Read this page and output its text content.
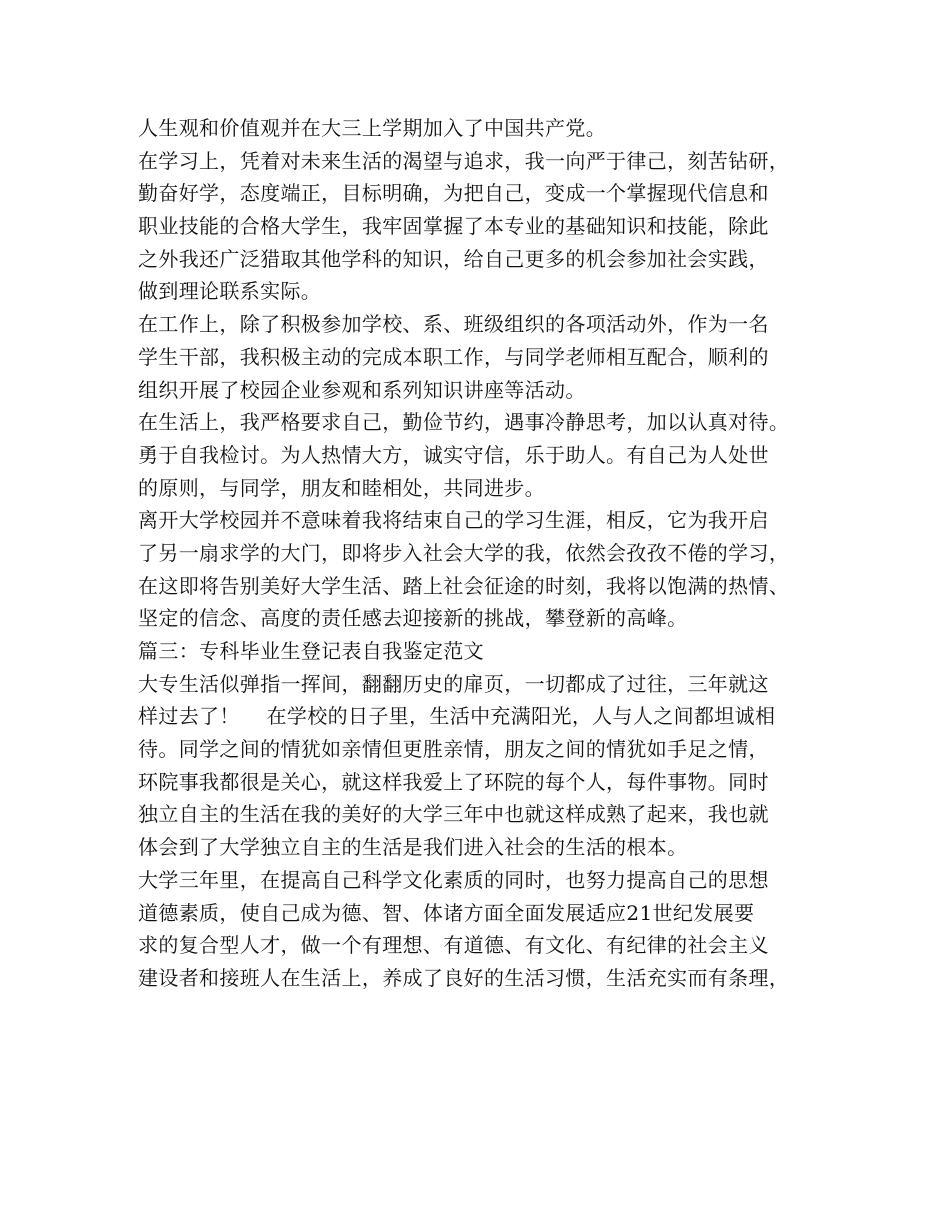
人生观和价值观并在大三上学期加入了中国共产党。
在学习上，凭着对未来生活的渴望与追求，我一向严于律己，刻苦钻研，
勤奋好学，态度端正，目标明确，为把自己，变成一个掌握现代信息和
职业技能的合格大学生，我牢固掌握了本专业的基础知识和技能，除此
之外我还广泛猎取其他学科的知识，给自己更多的机会参加社会实践，
做到理论联系实际。
在工作上，除了积极参加学校、系、班级组织的各项活动外，作为一名
学生干部，我积极主动的完成本职工作，与同学老师相互配合，顺利的
组织开展了校园企业参观和系列知识讲座等活动。
在生活上，我严格要求自己，勤俭节约，遇事冷静思考，加以认真对待。
勇于自我检讨。为人热情大方，诚实守信，乐于助人。有自己为人处世
的原则，与同学，朋友和睦相处，共同进步。
离开大学校园并不意味着我将结束自己的学习生涯，相反，它为我开启
了另一扇求学的大门，即将步入社会大学的我，依然会孜孜不倦的学习，
在这即将告别美好大学生活、踏上社会征途的时刻，我将以饱满的热情、
坚定的信念、高度的责任感去迎接新的挑战，攀登新的高峰。
篇三：专科毕业生登记表自我鉴定范文
大专生活似弹指一挥间，翻翻历史的扉页，一切都成了过往，三年就这
样过去了！    在学校的日子里，生活中充满阳光，人与人之间都坦诚相
待。同学之间的情犹如亲情但更胜亲情，朋友之间的情犹如手足之情，
环院事我都很是关心，就这样我爱上了环院的每个人，每件事物。同时
独立自主的生活在我的美好的大学三年中也就这样成熟了起来，我也就
体会到了大学独立自主的生活是我们进入社会的生活的根本。
大学三年里，在提高自己科学文化素质的同时，也努力提高自己的思想
道德素质，使自己成为德、智、体诸方面全面发展适应21世纪发展要
求的复合型人才，做一个有理想、有道德、有文化、有纪律的社会主义
建设者和接班人在生活上，养成了良好的生活习惯，生活充实而有条理，
